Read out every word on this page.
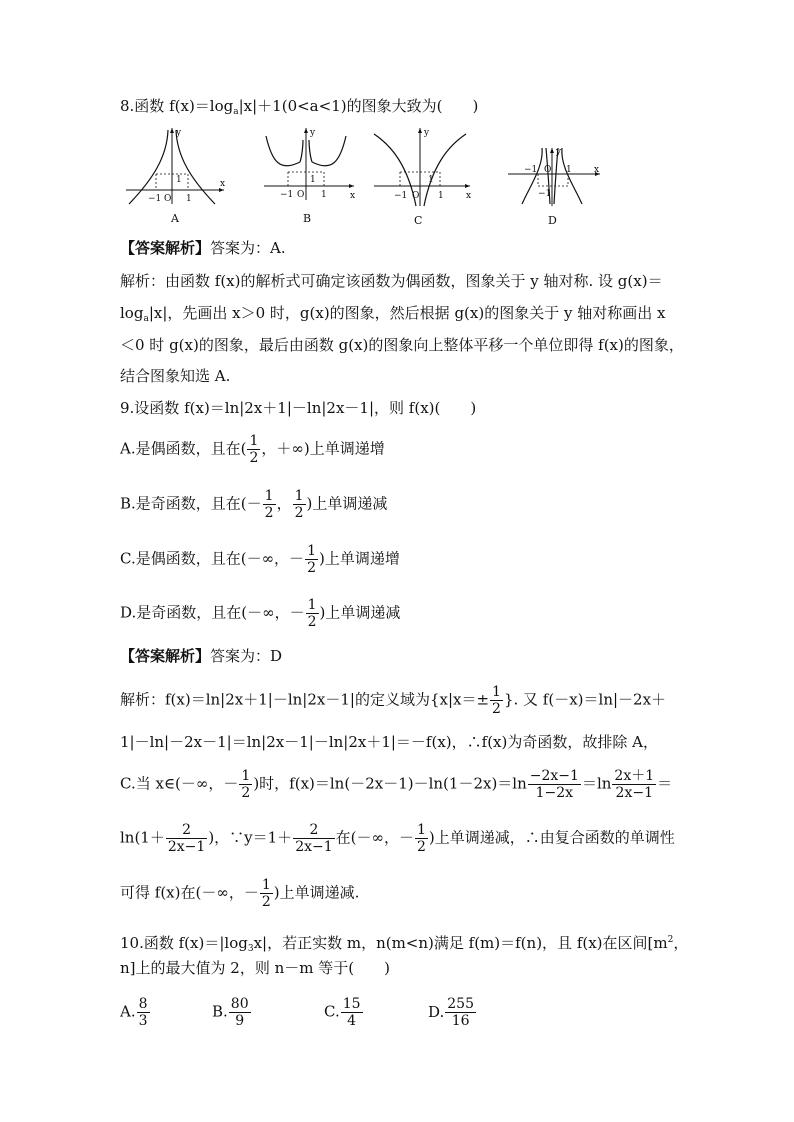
8.函数 $f(x)=\log_a|x|+1(0<a<1)$的图象大致为(　　)
y
x
1
−1 O 1
A
y
x
1
−1 O 1
B
y
x
1
−1 O 1
C
y
x
−1 O 1
−1
D
【答案解析】答案为：A.
解析：由函数 f(x)的解析式可确定该函数为偶函数，图象关于 y 轴对称. 设 g(x)＝
$\log_a|x|$，先画出 x＞0 时，g(x)的图象，然后根据 g(x)的图象关于 y 轴对称画出 x
＜0 时 g(x)的图象，最后由函数 g(x)的图象向上整体平移一个单位即得 f(x)的图象，
结合图象知选 A.
9.设函数 f(x)＝ln|2x＋1|－ln|2x－1|，则 f(x)(　　)
A.是偶函数，且在( $\frac{1}{2}$ ，＋∞)上单调递增
B.是奇函数，且在(－ $\frac{1}{2}$ ， $\frac{1}{2}$ )上单调递减
C.是偶函数，且在(－∞，－ $\frac{1}{2}$ )上单调递增
D.是奇函数，且在(－∞，－ $\frac{1}{2}$ )上单调递减
【答案解析】答案为：D
解析：f(x)＝ln|2x＋1|－ln|2x－1|的定义域为{$x|x=\pm \frac{1}{2}$ }. 又 f(－x)＝ln|－2x＋
1|－ln|－2x－1|＝ln|2x－1|－ln|2x＋1|＝－f(x)，∴f(x)为奇函数，故排除 A，
C.当 x∈(－∞，－ $\frac{1}{2}$ )时，$f(x)=\ln(-2x-1)-\ln(1-2x)=\ln \frac{-2x-1}{1-2x} =\ln \frac{2x+1}{2x-1}$ ＝
$\ln(1+ \frac{2}{2x-1}$ )，∵y＝1＋ $\frac{2}{2x-1}$ 在(－∞，－ $\frac{1}{2}$ )上单调递减，∴由复合函数的单调性
可得 f(x)在(－∞，－ $\frac{1}{2}$ )上单调递减.
10.函数 $f(x)=|\log_3x|$，若正实数 m，n(m<n)满足 f(m)＝f(n)，且 f(x)在区间[$m^2$，
n]上的最大值为 2，则 n－m 等于(　　)
A. $\frac{8}{3}$	B. $\frac{80}{9}$	C. $\frac{15}{4}$	D. $\frac{255}{16}$
